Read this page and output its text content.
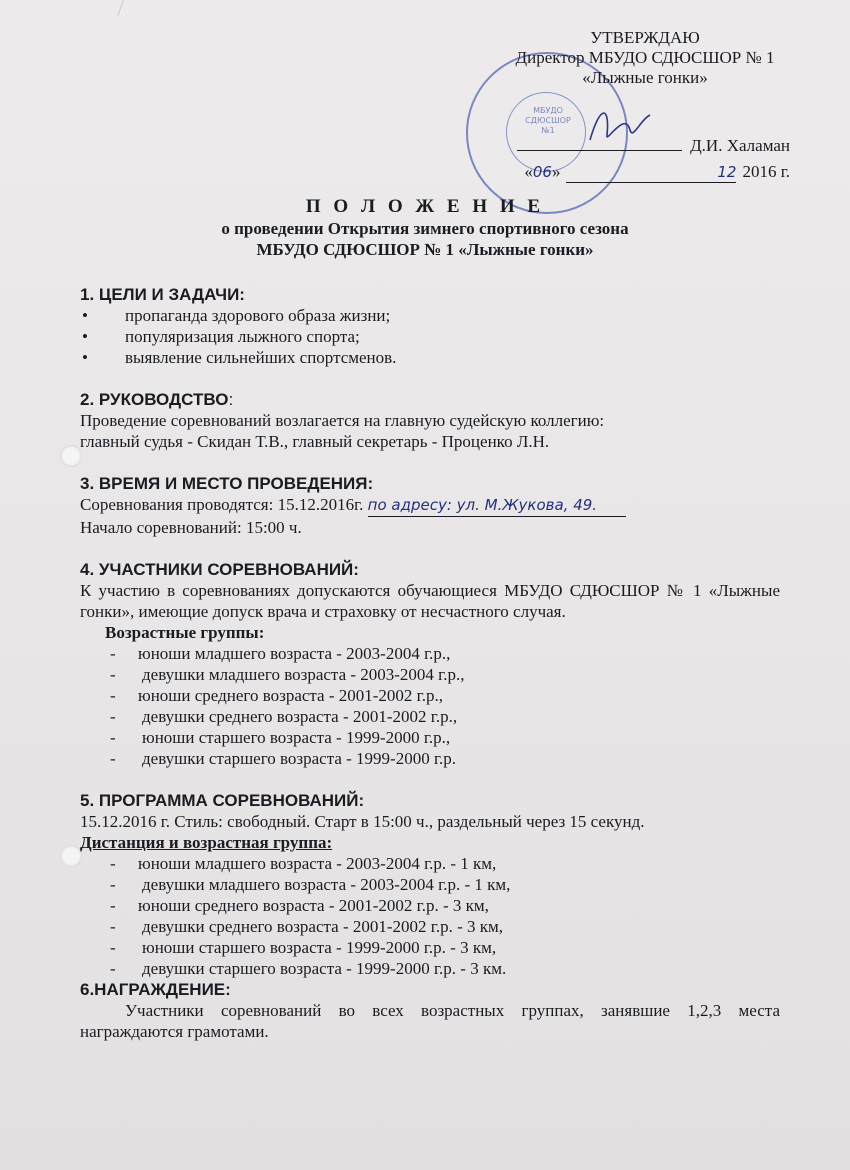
МБУДО СДЮСШОР №1
УТВЕРЖДАЮ
Директор МБУДО СДЮСШОР № 1
«Лыжные гонки»
Д.И. Халаман
«06»	12 2016 г.
П О Л О Ж Е Н И Е
о проведении Открытия зимнего спортивного сезона
МБУДО СДЮСШОР № 1 «Лыжные гонки»
1. ЦЕЛИ И ЗАДАЧИ:
• пропаганда здорового образа жизни;
• популяризация лыжного спорта;
• выявление сильнейших спортсменов.
2. РУКОВОДСТВО:
Проведение соревнований возлагается на главную судейскую коллегию:
главный судья - Скидан Т.В., главный секретарь - Проценко Л.Н.
3. ВРЕМЯ И МЕСТО ПРОВЕДЕНИЯ:
Соревнования проводятся: 15.12.2016г. по адресу: ул. М.Жукова, 49.
Начало соревнований: 15:00 ч.
4. УЧАСТНИКИ СОРЕВНОВАНИЙ:
К участию в соревнованиях допускаются обучающиеся МБУДО СДЮСШОР № 1 «Лыжные гонки», имеющие допуск врача и страховку от несчастного случая.
Возрастные группы:
- юноши младшего возраста - 2003-2004 г.р.,
- девушки младшего возраста - 2003-2004 г.р.,
- юноши среднего возраста - 2001-2002 г.р.,
- девушки среднего возраста - 2001-2002 г.р.,
- юноши старшего возраста - 1999-2000 г.р.,
- девушки старшего возраста - 1999-2000 г.р.
5. ПРОГРАММА СОРЕВНОВАНИЙ:
15.12.2016 г. Стиль: свободный. Старт в 15:00 ч., раздельный через 15 секунд.
Дистанция и возрастная группа:
- юноши младшего возраста - 2003-2004 г.р. - 1 км,
- девушки младшего возраста - 2003-2004 г.р. - 1 км,
- юноши среднего возраста - 2001-2002 г.р. - 3 км,
- девушки среднего возраста - 2001-2002 г.р. - 3 км,
- юноши старшего возраста - 1999-2000 г.р. - 3 км,
- девушки старшего возраста - 1999-2000 г.р. - 3 км.
6.НАГРАЖДЕНИЕ:
Участники соревнований во всех возрастных группах, занявшие 1,2,3 места награждаются грамотами.
